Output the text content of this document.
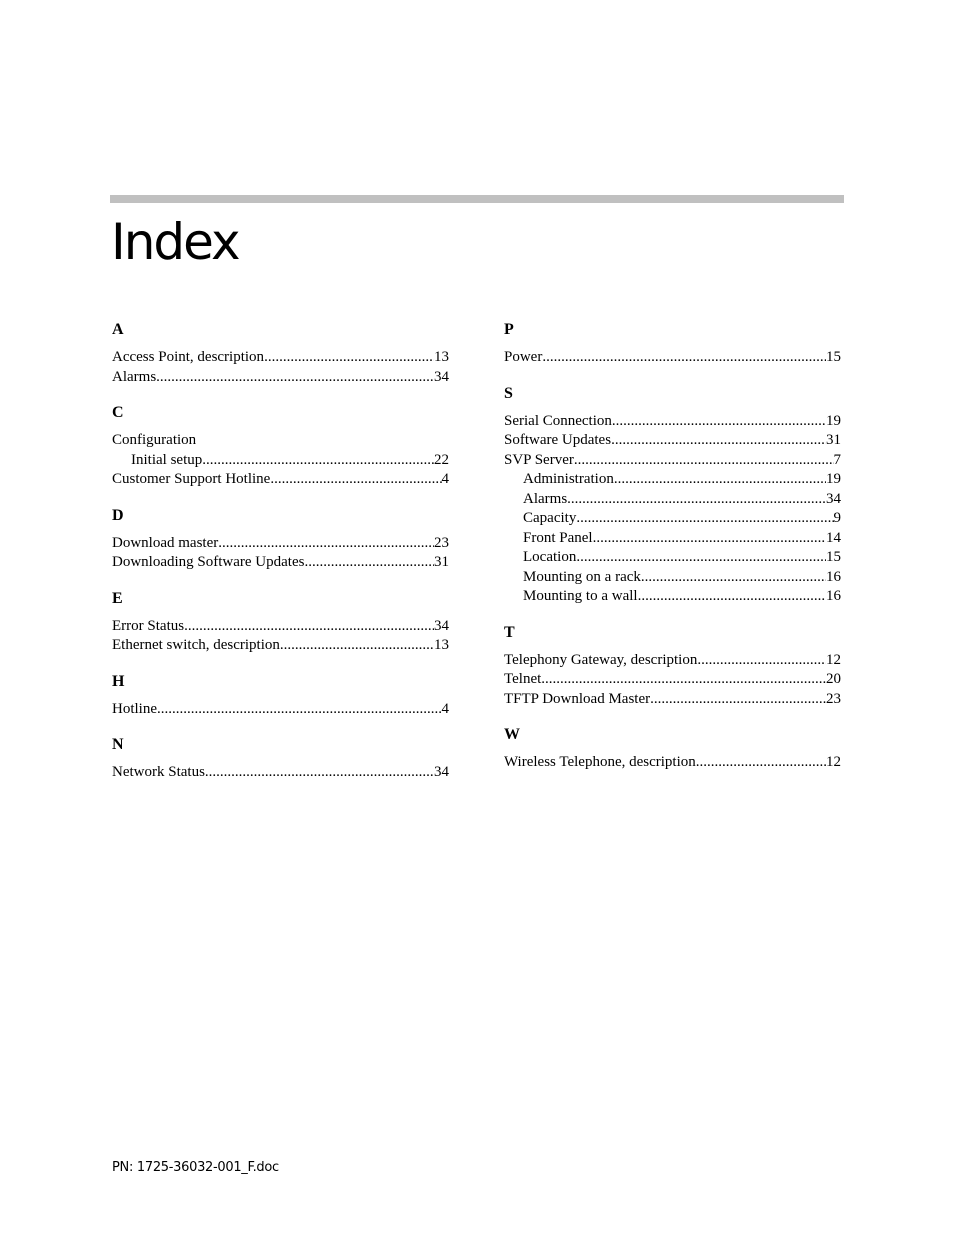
Index
A
Access Point, description .....	13
Alarms .....	34
C
Configuration
Initial setup .....	22
Customer Support Hotline .....	4
D
Download master .....	23
Downloading Software Updates .....	31
E
Error Status .....	34
Ethernet switch, description .....	13
H
Hotline .....	4
N
Network Status .....	34
P
Power .....	15
S
Serial Connection .....	19
Software Updates .....	31
SVP Server .....	7
Administration .....	19
Alarms .....	34
Capacity .....	9
Front Panel .....	14
Location .....	15
Mounting on a rack .....	16
Mounting to a wall .....	16
T
Telephony Gateway, description .....	12
Telnet .....	20
TFTP Download Master .....	23
W
Wireless Telephone, description .....	12
PN: 1725-36032-001_F.doc
